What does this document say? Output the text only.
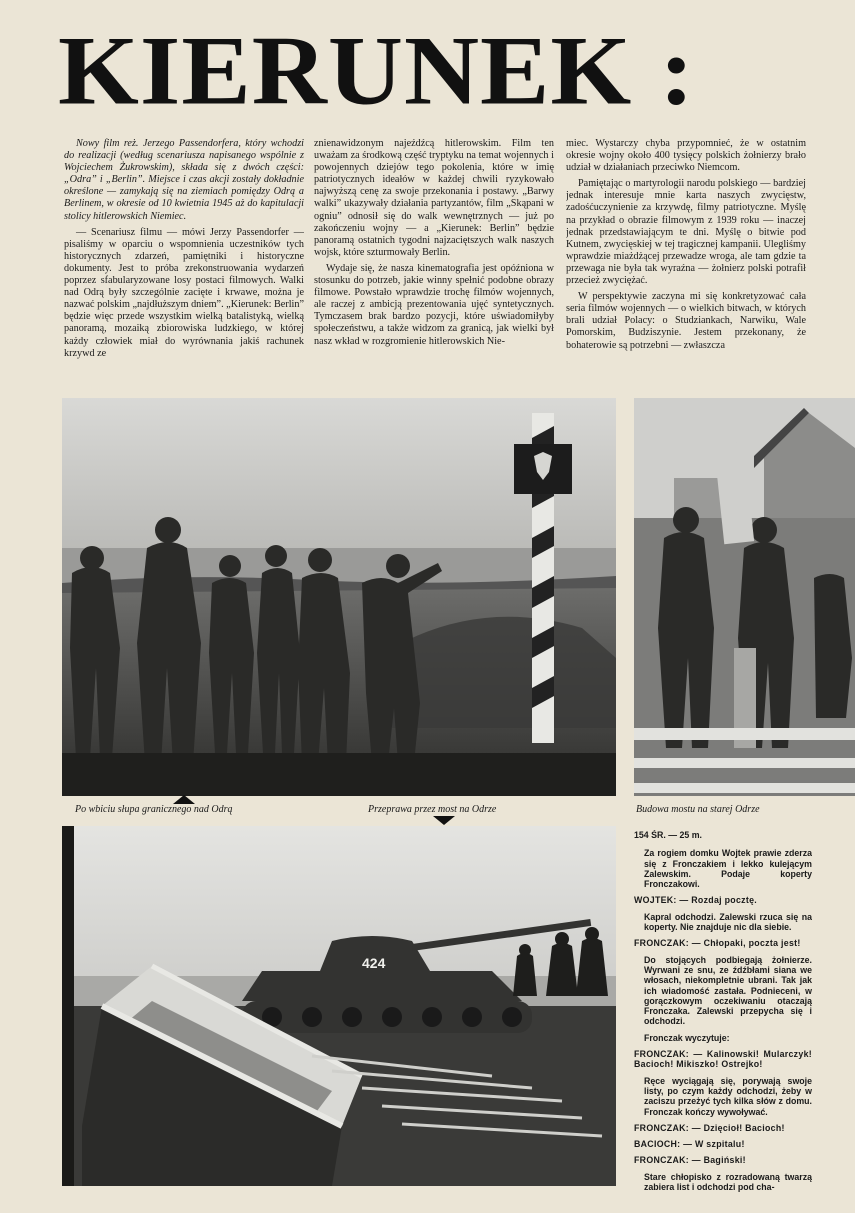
KIERUNEK :

Nowy film reż. Jerzego Passendorfera, który wchodzi do realizacji (według scenariusza napisanego wspólnie z Wojciechem Żukrowskim), składa się z dwóch części: „Odra” i „Berlin”. Miejsce i czas akcji zostały dokładnie określone — zamykają się na ziemiach pomiędzy Odrą a Berlinem, w okresie od 10 kwietnia 1945 aż do kapitulacji stolicy hitlerowskich Niemiec.

— Scenariusz filmu — mówi Jerzy Passendorfer — pisaliśmy w oparciu o wspomnienia uczestników tych historycznych zdarzeń, pamiętniki i historyczne dokumenty. Jest to próba zrekonstruowania wydarzeń poprzez sfabularyzowane losy postaci filmowych. Walki nad Odrą były szczególnie zacięte i krwawe, można je nazwać polskim „najdłuższym dniem”. „Kierunek: Berlin” będzie więc przede wszystkim wielką batalistyką, wielką panoramą, mozaiką zbiorowiska ludzkiego, w której każdy człowiek miał do wyrównania jakiś rachunek krzywd ze

znienawidzonym najeźdźcą hitlerowskim. Film ten uważam za środkową część tryptyku na temat wojennych i powojennych dziejów tego pokolenia, które w imię patriotycznych ideałów w każdej chwili ryzykowało najwyższą cenę za swoje przekonania i postawy. „Barwy walki” ukazywały działania partyzantów, film „Skąpani w ogniu” odnosił się do walk wewnętrznych — już po zakończeniu wojny — a „Kierunek: Berlin” będzie panoramą ostatnich tygodni najzaciętszych walk naszych wojsk, które szturmowały Berlin.

Wydaje się, że nasza kinematografia jest opóźniona w stosunku do potrzeb, jakie winny spełnić podobne obrazy filmowe. Powstało wprawdzie trochę filmów wojennych, ale raczej z ambicją prezentowania ujęć syntetycznych. Tymczasem brak bardzo pozycji, które uświadomiłyby społeczeństwu, a także widzom za granicą, jak wielki był nasz wkład w rozgromienie hitlerowskich Nie-

miec. Wystarczy chyba przypomnieć, że w ostatnim okresie wojny około 400 tysięcy polskich żołnierzy brało udział w działaniach przeciwko Niemcom.

Pamiętając o martyrologii narodu polskiego — bardziej jednak interesuje mnie karta naszych zwycięstw, zadośćuczynienie za krzywdę, filmy patriotyczne. Myślę na przykład o obrazie filmowym z 1939 roku — inaczej jednak przedstawiającym te dni. Myślę o bitwie pod Kutnem, zwycięskiej w tej tragicznej kampanii. Ulegliśmy wprawdzie miażdżącej przewadze wroga, ale tam gdzie ta przewaga nie była tak wyraźna — żołnierz polski potrafił przecież zwyciężać.

W perspektywie zaczyna mi się konkretyzować cała seria filmów wojennych — o wielkich bitwach, w których brali udział Polacy: o Studziankach, Narwiku, Wale Pomorskim, Budziszynie. Jestem przekonany, że bohaterowie są potrzebni — zwłaszcza

424
Po wbiciu słupa granicznego nad Odrą	Przeprawa przez most na Odrze	Budowa mostu na starej Odrze
154 ŚR. — 25 m.

Za rogiem domku Wojtek prawie zderza się z Fronczakiem i lekko kulejącym Zalewskim. Podaje koperty Fronczakowi.

WOJTEK: — Rozdaj pocztę.

Kapral odchodzi. Zalewski rzuca się na koperty. Nie znajduje nic dla siebie.

FRONCZAK: — Chłopaki, poczta jest!

Do stojących podbiegają żołnierze. Wyrwani ze snu, ze źdźbłami siana we włosach, niekompletnie ubrani. Tak jak ich wiadomość zastała. Podnieceni, w gorączkowym oczekiwaniu otaczają Fronczaka. Zalewski przepycha się i odchodzi.

Fronczak wyczytuje:

FRONCZAK: — Kalinowski! Mularczyk! Bacioch! Mikiszko! Ostrejko!

Ręce wyciągają się, porywają swoje listy, po czym każdy odchodzi, żeby w zaciszu przeżyć tych kilka słów z domu. Fronczak kończy wywoływać.

FRONCZAK: — Dzięcioł! Bacioch!

BACIOCH: — W szpitalu!

FRONCZAK: — Bagiński!

Stare chłopisko z rozradowaną twarzą zabiera list i odchodzi pod cha-
